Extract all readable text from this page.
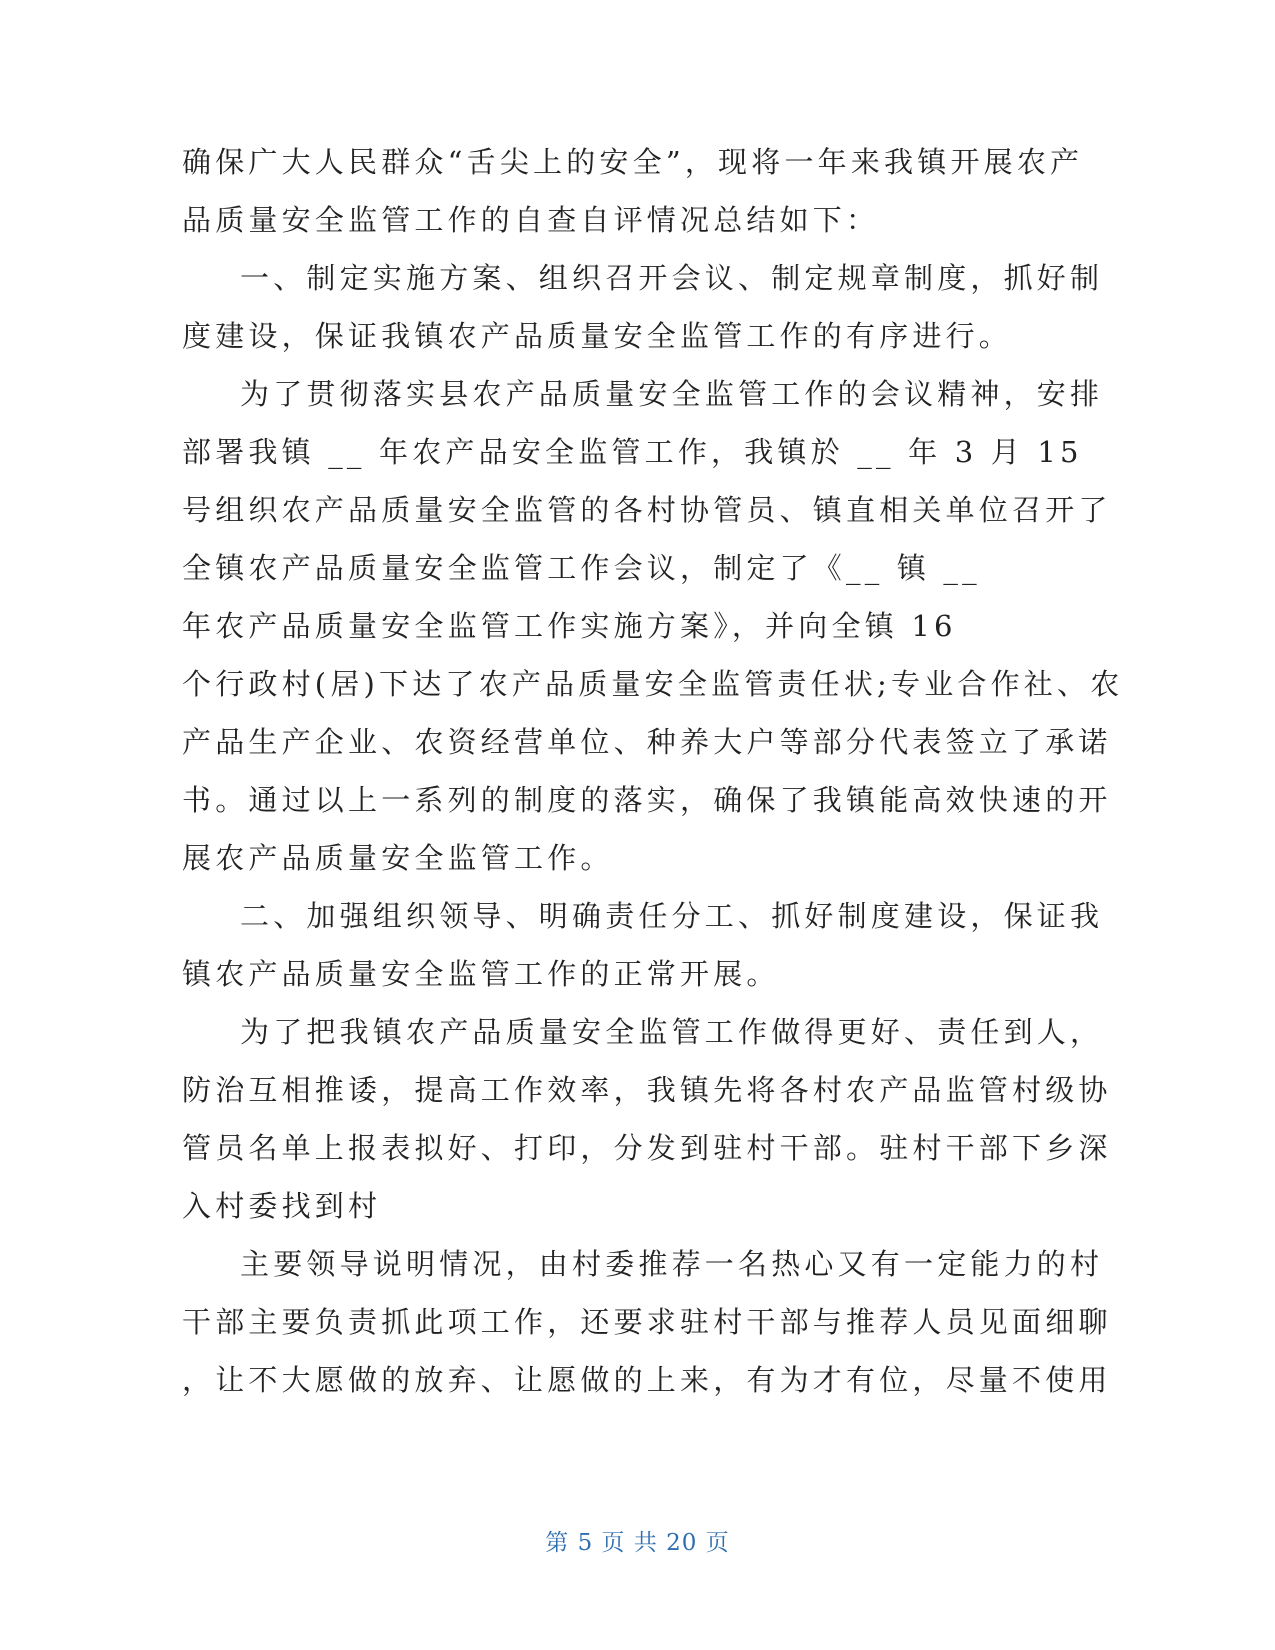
确保广大人民群众“舌尖上的安全”，现将一年来我镇开展农产
品质量安全监管工作的自查自评情况总结如下：
一、制定实施方案、组织召开会议、制定规章制度，抓好制
度建设，保证我镇农产品质量安全监管工作的有序进行。
为了贯彻落实县农产品质量安全监管工作的会议精神，安排
部署我镇 __ 年农产品安全监管工作，我镇於 __ 年 3 月 15
号组织农产品质量安全监管的各村协管员、镇直相关单位召开了
全镇农产品质量安全监管工作会议，制定了《__ 镇 __
年农产品质量安全监管工作实施方案》，并向全镇 16
个行政村(居)下达了农产品质量安全监管责任状;专业合作社、农
产品生产企业、农资经营单位、种养大户等部分代表签立了承诺
书。通过以上一系列的制度的落实，确保了我镇能高效快速的开
展农产品质量安全监管工作。
二、加强组织领导、明确责任分工、抓好制度建设，保证我
镇农产品质量安全监管工作的正常开展。
为了把我镇农产品质量安全监管工作做得更好、责任到人，
防治互相推诿，提高工作效率，我镇先将各村农产品监管村级协
管员名单上报表拟好、打印，分发到驻村干部。驻村干部下乡深
入村委找到村
主要领导说明情况，由村委推荐一名热心又有一定能力的村
干部主要负责抓此项工作，还要求驻村干部与推荐人员见面细聊
，让不大愿做的放弃、让愿做的上来，有为才有位，尽量不使用
第 5 页 共 20 页
